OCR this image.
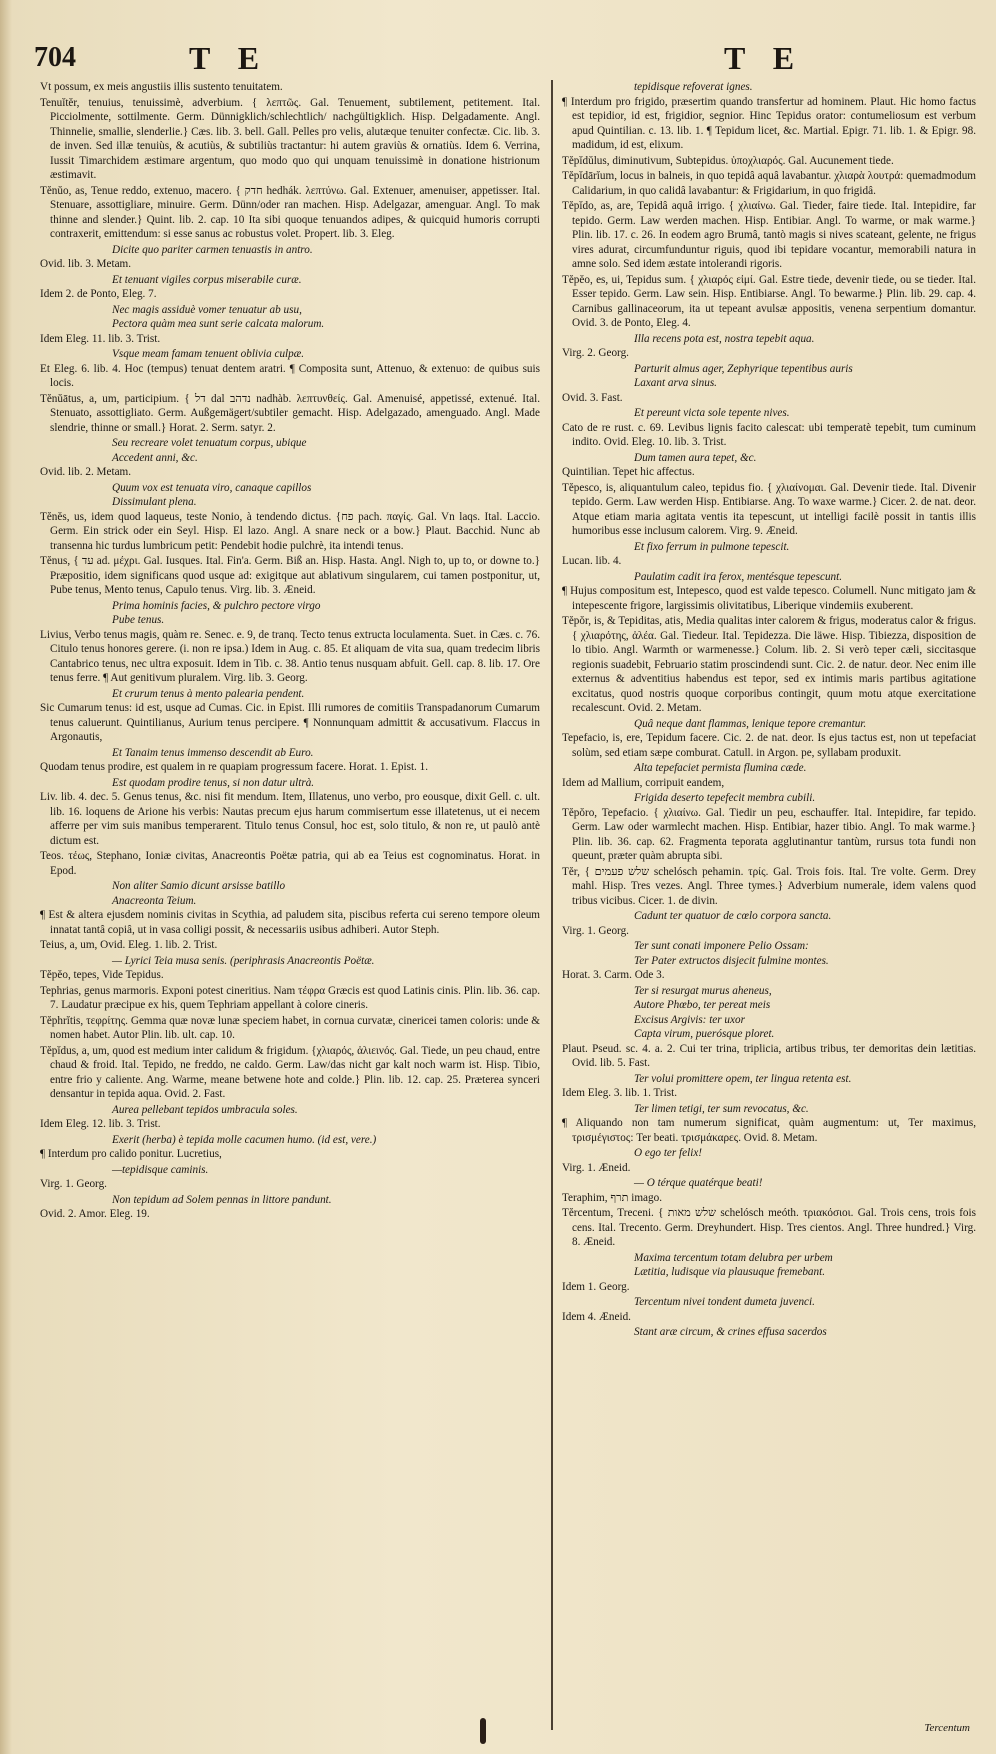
704	T E	T E

Vt possum, ex meis angustiis illis sustento tenuitatem.

Tenuĭtĕr, tenuius, tenuissimè, adverbium. { λεπτῶς. Gal. Tenuement, subtilement, petitement. Ital. Picciolmente, sottilmente. Germ. Dünnigklich/schlechtlich/ nachgültigklich. Hisp. Delgadamente. Angl. Thinnelie, smallie, slenderlie.} Cæs. lib. 3. bell. Gall. Pelles pro velis, alutæque tenuiter confectæ. Cic. lib. 3. de inven. Sed illæ tenuiùs, & acutiùs, & subtiliùs tractantur: hi autem graviùs & ornatiùs. Idem 6. Verrina, Iussit Timarchidem æstimare argentum, quo modo quo qui unquam tenuissimè in donatione histrionum æstimavit.

Tĕnŭo, as, Tenue reddo, extenuo, macero. { חדק hedhák. λεπτύνω. Gal. Extenuer, amenuiser, appetisser. Ital. Stenuare, assottigliare, minuire. Germ. Dünn/oder ran machen. Hisp. Adelgazar, amenguar. Angl. To mak thinne and slender.} Quint. lib. 2. cap. 10 Ita sibi quoque tenuandos adipes, & quicquid humoris corrupti contraxerit, emittendum: si esse sanus ac robustus volet. Propert. lib. 3. Eleg.

Dicite quo pariter carmen tenuastis in antro.

Ovid. lib. 3. Metam.

Et tenuant vigiles corpus miserabile curæ.

Idem 2. de Ponto, Eleg. 7.

Nec magis assiduè vomer tenuatur ab usu,

Pectora quàm mea sunt serie calcata malorum.

Idem Eleg. 11. lib. 3. Trist.

Vsque meam famam tenuent oblivia culpæ.

Et Eleg. 6. lib. 4. Hoc (tempus) tenuat dentem aratri. ¶ Composita sunt, Attenuo, & extenuo: de quibus suis locis.

Tĕnŭātus, a, um, participium. { דל dal נדהב nadhàb. λεπτυνθείς. Gal. Amenuisé, appetissé, extenué. Ital. Stenuato, assottigliato. Germ. Außgemägert/subtiler gemacht. Hisp. Adelgazado, amenguado. Angl. Made slendrie, thinne or small.} Horat. 2. Serm. satyr. 2.

Seu recreare volet tenuatum corpus, ubique

Accedent anni, &c.

Ovid. lib. 2. Metam.

Quum vox est tenuata viro, canaque capillos

Dissimulant plena.

Tĕnĕs, us, idem quod laqueus, teste Nonio, à tendendo dictus. {פח pach. παγίς. Gal. Vn laqs. Ital. Laccio. Germ. Ein strick oder ein Seyl. Hisp. El lazo. Angl. A snare neck or a bow.} Plaut. Bacchid. Nunc ab transenna hic turdus lumbricum petit: Pendebit hodie pulchrè, ita intendi tenus.

Tĕnus, { עד ad. μέχρι. Gal. Iusques. Ital. Fin'a. Germ. Biß an. Hisp. Hasta. Angl. Nigh to, up to, or downe to.} Præpositio, idem significans quod usque ad: exigitque aut ablativum singularem, cui tamen postponitur, ut, Pube tenus, Mento tenus, Capulo tenus. Virg. lib. 3. Æneid.

Prima hominis facies, & pulchro pectore virgo

Pube tenus.

Livius, Verbo tenus magis, quàm re. Senec. e. 9, de tranq. Tecto tenus extructa loculamenta. Suet. in Cæs. c. 76. Citulo tenus honores gerere. (i. non re ipsa.) Idem in Aug. c. 85. Et aliquam de vita sua, quam tredecim libris Cantabrico tenus, nec ultra exposuit. Idem in Tib. c. 38. Antio tenus nusquam abfuit. Gell. cap. 8. lib. 17. Ore tenus ferre. ¶ Aut genitivum pluralem. Virg. lib. 3. Georg.

Et crurum tenus à mento palearia pendent.

Sic Cumarum tenus: id est, usque ad Cumas. Cic. in Epist. Illi rumores de comitiis Transpadanorum Cumarum tenus caluerunt. Quintilianus, Aurium tenus percipere. ¶ Nonnunquam admittit & accusativum. Flaccus in Argonautis,

Et Tanaim tenus immenso descendit ab Euro.

Quodam tenus prodire, est qualem in re quapiam progressum facere. Horat. 1. Epist. 1.

Est quodam prodire tenus, si non datur ultrà.

Liv. lib. 4. dec. 5. Genus tenus, &c. nisi fit mendum. Item, Illatenus, uno verbo, pro eousque, dixit Gell. c. ult. lib. 16. loquens de Arione his verbis: Nautas precum ejus harum commisertum esse illatetenus, ut ei necem afferre per vim suis manibus temperarent. Titulo tenus Consul, hoc est, solo titulo, & non re, ut paulò antè dictum est.

Teos. τέως, Stephano, Ioniæ civitas, Anacreontis Poëtæ patria, qui ab ea Teius est cognominatus. Horat. in Epod.

Non aliter Samio dicunt arsisse batillo

Anacreonta Teium.

¶ Est & altera ejusdem nominis civitas in Scythia, ad paludem sita, piscibus referta cui sereno tempore oleum innatat tantâ copiâ, ut in vasa colligi possit, & necessariis usibus adhiberi. Autor Steph.

Teius, a, um, Ovid. Eleg. 1. lib. 2. Trist.

— Lyrici Teia musa senis. (periphrasis Anacreontis Poëtæ.

Tĕpĕo, tepes, Vide Tepidus.

Tephrias, genus marmoris. Exponi potest cineritius. Nam τέφρα Græcis est quod Latinis cinis. Plin. lib. 36. cap. 7. Laudatur præcipue ex his, quem Tephriam appellant à colore cineris.

Tĕphrĭtis, τεφρίτης. Gemma quæ novæ lunæ speciem habet, in cornua curvatæ, cinericei tamen coloris: unde & nomen habet. Autor Plin. lib. ult. cap. 10.

Tĕpĭdus, a, um, quod est medium inter calidum & frigidum. {χλιαρός, ἀλιεινός. Gal. Tiede, un peu chaud, entre chaud & froid. Ital. Tepido, ne freddo, ne caldo. Germ. Law/das nicht gar kalt noch warm ist. Hisp. Tibio, entre frio y caliente. Ang. Warme, meane betwene hote and colde.} Plin. lib. 12. cap. 25. Præterea synceri densantur in tepida aqua. Ovid. 2. Fast.

Aurea pellebant tepidos umbracula soles.

Idem Eleg. 12. lib. 3. Trist.

Exerit (herba) è tepida molle cacumen humo. (id est, vere.)

¶ Interdum pro calido ponitur. Lucretius,

—tepidisque caminis.

Virg. 1. Georg.

Non tepidum ad Solem pennas in littore pandunt.

Ovid. 2. Amor. Eleg. 19.

tepidisque refoverat ignes.

¶ Interdum pro frigido, præsertim quando transfertur ad hominem. Plaut. Hic homo factus est tepidior, id est, frigidior, segnior. Hinc Tepidus orator: contumeliosum est verbum apud Quintilian. c. 13. lib. 1. ¶ Tepidum licet, &c. Martial. Epigr. 71. lib. 1. & Epigr. 98. madidum, id est, elixum.

Tĕpĭdŭlus, diminutivum, Subtepidus. ὑποχλιαρός. Gal. Aucunement tiede.

Tĕpĭdārĭum, locus in balneis, in quo tepidâ aquâ lavabantur. χλιαρὰ λουτρά: quemadmodum Calidarium, in quo calidâ lavabantur: & Frigidarium, in quo frigidâ.

Tĕpĭdo, as, are, Tepidâ aquâ irrigo. { χλιαίνω. Gal. Tieder, faire tiede. Ital. Intepidire, far tepido. Germ. Law werden machen. Hisp. Entibiar. Angl. To warme, or mak warme.} Plin. lib. 17. c. 26. In eodem agro Brumâ, tantò magis si nives scateant, gelente, ne frigus vires adurat, circumfunduntur riguis, quod ibi tepidare vocantur, memorabili natura in amne solo. Sed idem æstate intolerandi rigoris.

Tĕpĕo, es, ui, Tepidus sum. { χλιαρός εἰμί. Gal. Estre tiede, devenir tiede, ou se tieder. Ital. Esser tepido. Germ. Law sein. Hisp. Entibiarse. Angl. To bewarme.} Plin. lib. 29. cap. 4. Carnibus gallinaceorum, ita ut tepeant avulsæ appositis, venena serpentium domantur. Ovid. 3. de Ponto, Eleg. 4.

Illa recens pota est, nostra tepebit aqua.

Virg. 2. Georg.

Parturit almus ager, Zephyrique tepentibus auris

Laxant arva sinus.

Ovid. 3. Fast.

Et pereunt victa sole tepente nives.

Cato de re rust. c. 69. Levibus lignis facito calescat: ubi temperatè tepebit, tum cuminum indito. Ovid. Eleg. 10. lib. 3. Trist.

Dum tamen aura tepet, &c.

Quintilian. Tepet hic affectus.

Tĕpesco, is, aliquantulum caleo, tepidus fio. { χλιαίνομαι. Gal. Devenir tiede. Ital. Divenir tepido. Germ. Law werden Hisp. Entibiarse. Ang. To waxe warme.} Cicer. 2. de nat. deor. Atque etiam maria agitata ventis ita tepescunt, ut intelligi facilè possit in tantis illis humoribus esse inclusum calorem. Virg. 9. Æneid.

Et fixo ferrum in pulmone tepescit.

Lucan. lib. 4.

Paulatim cadit ira ferox, mentésque tepescunt.

¶ Hujus compositum est, Intepesco, quod est valde tepesco. Columell. Nunc mitigato jam & intepescente frigore, largissimis olivitatibus, Liberique vindemiis exuberent.

Tĕpŏr, is, & Tepiditas, atis, Media qualitas inter calorem & frigus, moderatus calor & frigus. { χλιαρότης, ἀλέα. Gal. Tiedeur. Ital. Tepidezza. Die läwe. Hisp. Tibiezza, disposition de lo tibio. Angl. Warmth or warmenesse.} Colum. lib. 2. Si verò teper cæli, siccitasque regionis suadebit, Februario statim proscindendi sunt. Cic. 2. de natur. deor. Nec enim ille externus & adventitius habendus est tepor, sed ex intimis maris partibus agitatione excitatus, quod nostris quoque corporibus contingit, quum motu atque exercitatione recalescunt. Ovid. 2. Metam.

Quâ neque dant flammas, lenique tepore cremantur.

Tepefacio, is, ere, Tepidum facere. Cic. 2. de nat. deor. Is ejus tactus est, non ut tepefaciat solùm, sed etiam sæpe comburat. Catull. in Argon. pe, syllabam produxit.

Alta tepefaciet permista flumina cæde.

Idem ad Mallium, corripuit eandem,

Frigida deserto tepefecit membra cubili.

Tĕpŏro, Tepefacio. { χλιαίνω. Gal. Tiedir un peu, eschauffer. Ital. Intepidire, far tepido. Germ. Law oder warmlecht machen. Hisp. Entibiar, hazer tibio. Angl. To mak warme.} Plin. lib. 36. cap. 62. Fragmenta teporata agglutinantur tantùm, rursus tota fundi non queunt, præter quàm abrupta sibi.

Tĕr, { שלש פעמים schelósch pehamin. τρίς. Gal. Trois fois. Ital. Tre volte. Germ. Drey mahl. Hisp. Tres vezes. Angl. Three tymes.} Adverbium numerale, idem valens quod tribus vicibus. Cicer. 1. de divin.

Cadunt ter quatuor de cœlo corpora sancta.

Virg. 1. Georg.

Ter sunt conati imponere Pelio Ossam:

Ter Pater extructos disjecit fulmine montes.

Horat. 3. Carm. Ode 3.

Ter si resurgat murus aheneus,

Autore Phœbo, ter pereat meis

Excisus Argivis: ter uxor

Capta virum, puerósque ploret.

Plaut. Pseud. sc. 4. a. 2. Cui ter trina, triplicia, artibus tribus, ter demoritas dein lætitias. Ovid. lib. 5. Fast.

Ter volui promittere opem, ter lingua retenta est.

Idem Eleg. 3. lib. 1. Trist.

Ter limen tetigi, ter sum revocatus, &c.

¶ Aliquando non tam numerum significat, quàm augmentum: ut, Ter maximus, τρισμέγιστος: Ter beati. τρισμάκαρες. Ovid. 8. Metam.

O ego ter felix!

Virg. 1. Æneid.

— O térque quatérque beati!

Teraphim, תרף imago.

Tĕrcentum, Treceni. { שלש מאות schelósch meóth. τριακόσιοι. Gal. Trois cens, trois fois cens. Ital. Trecento. Germ. Dreyhundert. Hisp. Tres cientos. Angl. Three hundred.} Virg. 8. Æneid.

Maxima tercentum totam delubra per urbem

Lætitia, ludisque via plausuque fremebant.

Idem 1. Georg.

Tercentum nivei tondent dumeta juvenci.

Idem 4. Æneid.

Stant aræ circum, & crines effusa sacerdos

Tercentum
